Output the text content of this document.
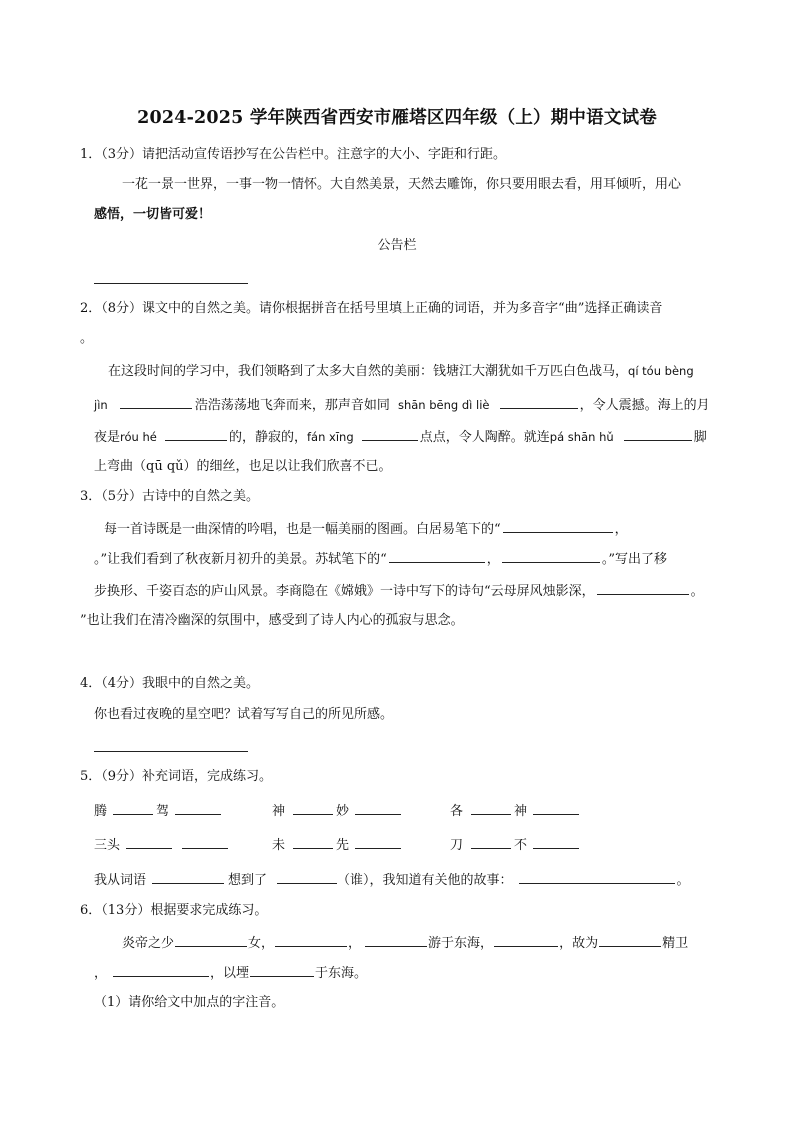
2024-2025 学年陕西省西安市雁塔区四年级（上）期中语文试卷
1．（3分）请把活动宣传语抄写在公告栏中。注意字的大小、字距和行距。
一花一景一世界，一事一物一情怀。大自然美景，天然去雕饰，你只要用眼去看，用耳倾听，用心
感悟，一切皆可爱！
公告栏
2．（8分）课文中的自然之美。请你根据拼音在括号里填上正确的词语，并为多音字“曲”选择正确读音
。
在这段时间的学习中，我们领略到了太多大自然的美丽：钱塘江大潮犹如千万匹白色战马，qí tóu bèng
jìn	浩浩荡荡地飞奔而来，那声音如同 shān bēng dì liè	，令人震撼。海上的月
夜是róu hé	的，静寂的，fán xīng	点点，令人陶醉。就连pá shān hǔ	脚
上弯曲（qū qǔ）的细丝，也足以让我们欣喜不已。
3．（5分）古诗中的自然之美。
每一首诗既是一曲深情的吟唱，也是一幅美丽的图画。白居易笔下的“	，
。”让我们看到了秋夜新月初升的美景。苏轼笔下的“	，	。”写出了移
步换形、千姿百态的庐山风景。李商隐在《嫦娥》一诗中写下的诗句“云母屏风烛影深，	。
”也让我们在清冷幽深的氛围中，感受到了诗人内心的孤寂与思念。
4．（4分）我眼中的自然之美。
你也看过夜晚的星空吧？试着写写自己的所见所感。
5．（9分）补充词语，完成练习。
腾	驾	神	妙	各	神
三头	未	先	刀	不
我从词语	想到了	（谁），我知道有关他的故事：	。
6．（13分）根据要求完成练习。
炎帝之少	女，	，	游于东海，	，故为	精卫
，	，以堙	于东海。
（1）请你给文中加点的字注音。
